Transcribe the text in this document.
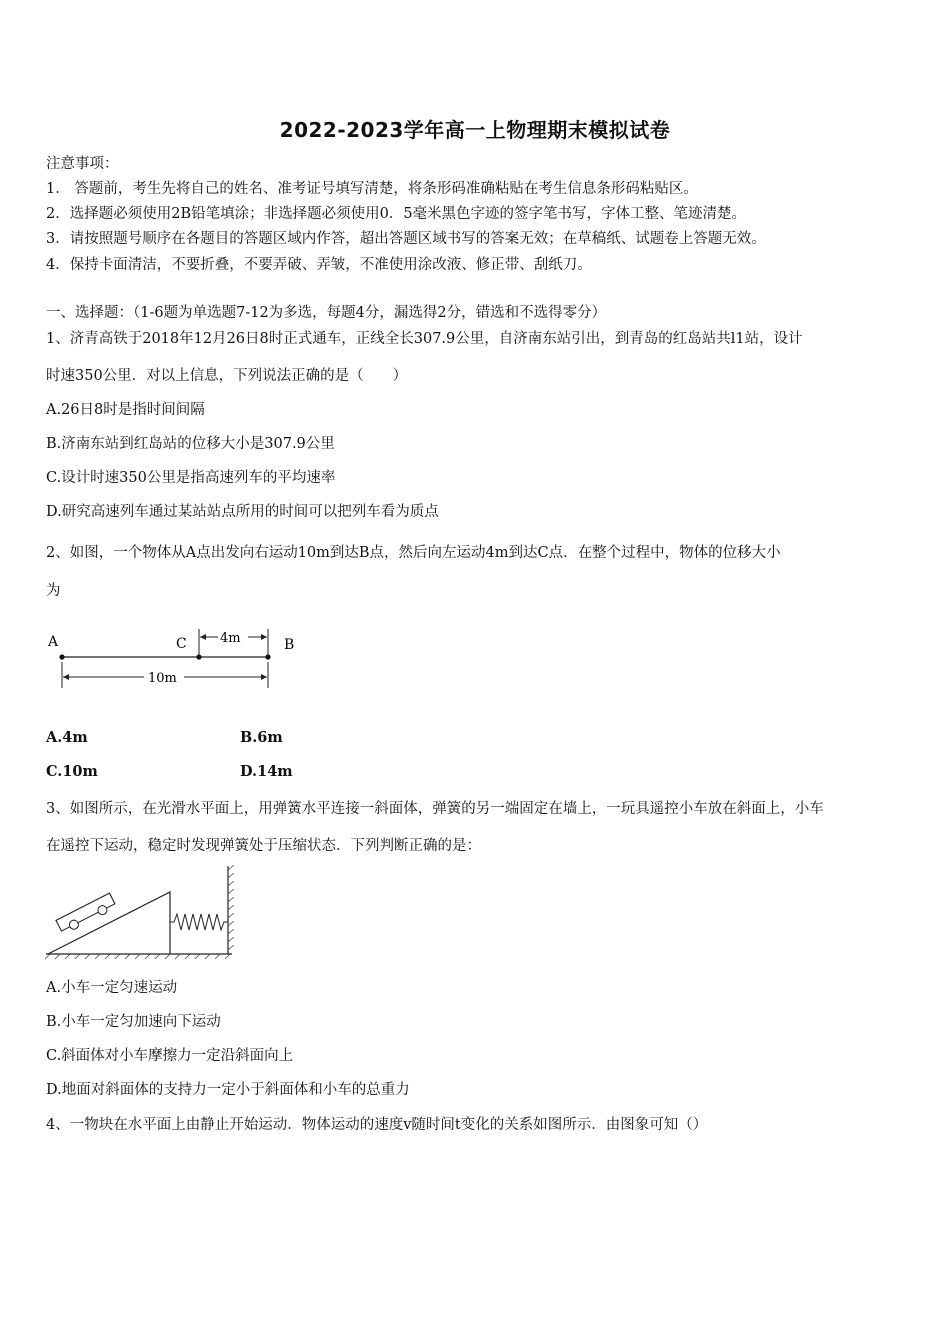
2022-2023学年高一上物理期末模拟试卷
注意事项：
1． 答题前，考生先将自己的姓名、准考证号填写清楚，将条形码准确粘贴在考生信息条形码粘贴区。
2．选择题必须使用2B铅笔填涂；非选择题必须使用0．5毫米黑色字迹的签字笔书写，字体工整、笔迹清楚。
3．请按照题号顺序在各题目的答题区域内作答，超出答题区域书写的答案无效；在草稿纸、试题卷上答题无效。
4．保持卡面清洁，不要折叠，不要弄破、弄皱，不准使用涂改液、修正带、刮纸刀。
一、选择题：（1-6题为单选题7-12为多选，每题4分，漏选得2分，错选和不选得零分）
1、济青高铁于2018年12月26日8时正式通车，正线全长307.9公里，自济南东站引出，到青岛的红岛站共l1站，设计
时速350公里．对以上信息，下列说法正确的是（　　）
A.26日8时是指时间间隔
B.济南东站到红岛站的位移大小是307.9公里
C.设计时速350公里是指高速列车的平均速率
D.研究高速列车通过某站站点所用的时间可以把列车看为质点
2、如图，一个物体从A点出发向右运动10m到达B点，然后向左运动4m到达C点．在整个过程中，物体的位移大小
为
A	C	B
4m
10m
A.4m	B.6m
C.10m	D.14m
3、如图所示，在光滑水平面上，用弹簧水平连接一斜面体，弹簧的另一端固定在墙上，一玩具遥控小车放在斜面上，小车
在遥控下运动，稳定时发现弹簧处于压缩状态．下列判断正确的是：
A.小车一定匀速运动
B.小车一定匀加速向下运动
C.斜面体对小车摩擦力一定沿斜面向上
D.地面对斜面体的支持力一定小于斜面体和小车的总重力
4、一物块在水平面上由静止开始运动．物体运动的速度v随时间t变化的关系如图所示．由图象可知（）
